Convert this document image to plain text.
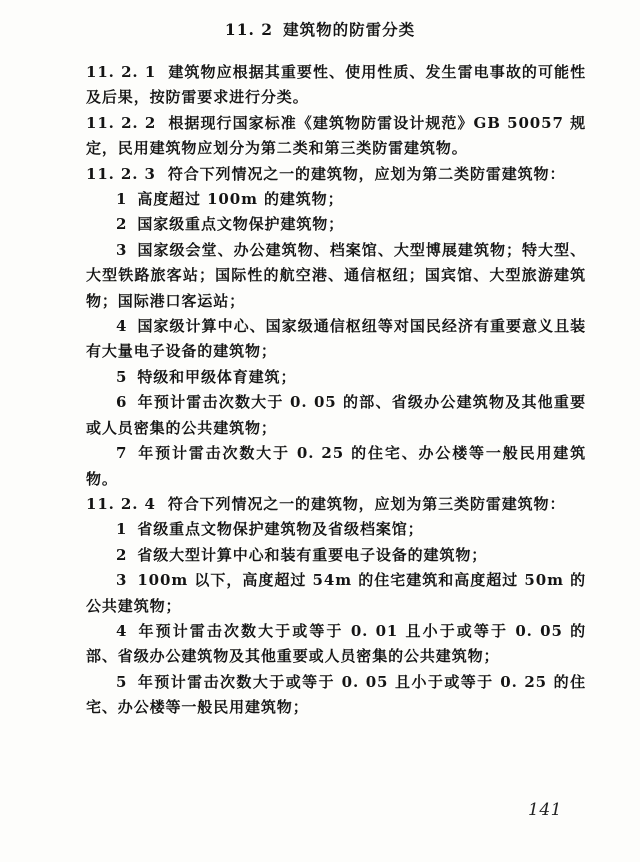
11. 2 建筑物的防雷分类

11. 2. 1 建筑物应根据其重要性、使用性质、发生雷电事故的可能性及后果，按防雷要求进行分类。

11. 2. 2 根据现行国家标准《建筑物防雷设计规范》GB 50057 规定，民用建筑物应划分为第二类和第三类防雷建筑物。

11. 2. 3 符合下列情况之一的建筑物，应划为第二类防雷建筑物：

1 高度超过 100m 的建筑物；

2 国家级重点文物保护建筑物；

3 国家级会堂、办公建筑物、档案馆、大型博展建筑物；特大型、大型铁路旅客站；国际性的航空港、通信枢纽；国宾馆、大型旅游建筑物；国际港口客运站；

4 国家级计算中心、国家级通信枢纽等对国民经济有重要意义且装有大量电子设备的建筑物；

5 特级和甲级体育建筑；

6 年预计雷击次数大于 0. 05 的部、省级办公建筑物及其他重要或人员密集的公共建筑物；

7 年预计雷击次数大于 0. 25 的住宅、办公楼等一般民用建筑物。

11. 2. 4 符合下列情况之一的建筑物，应划为第三类防雷建筑物：

1 省级重点文物保护建筑物及省级档案馆；

2 省级大型计算中心和装有重要电子设备的建筑物；

3 100m 以下，高度超过 54m 的住宅建筑和高度超过 50m 的公共建筑物；

4 年预计雷击次数大于或等于 0. 01 且小于或等于 0. 05 的部、省级办公建筑物及其他重要或人员密集的公共建筑物；

5 年预计雷击次数大于或等于 0. 05 且小于或等于 0. 25 的住宅、办公楼等一般民用建筑物；

141
